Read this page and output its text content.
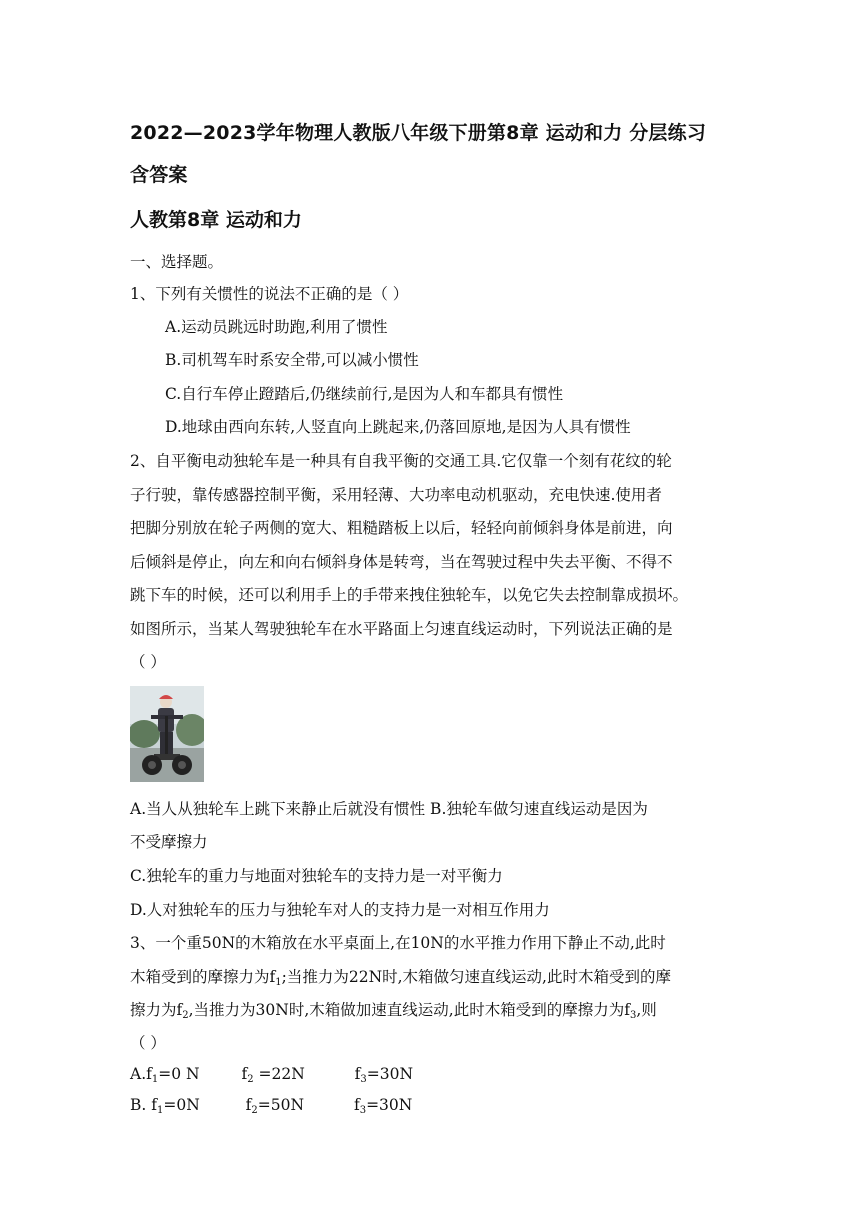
2022—2023学年物理人教版八年级下册第8章 运动和力 分层练习
含答案
人教第8章 运动和力
一、选择题。
1、下列有关惯性的说法不正确的是（ ）
A.运动员跳远时助跑,利用了惯性
B.司机驾车时系安全带,可以减小惯性
C.自行车停止蹬踏后,仍继续前行,是因为人和车都具有惯性
D.地球由西向东转,人竖直向上跳起来,仍落回原地,是因为人具有惯性
2、自平衡电动独轮车是一种具有自我平衡的交通工具.它仅靠一个刻有花纹的轮
子行驶，靠传感器控制平衡，采用轻薄、大功率电动机驱动，充电快速.使用者
把脚分别放在轮子两侧的宽大、粗糙踏板上以后，轻轻向前倾斜身体是前进，向
后倾斜是停止，向左和向右倾斜身体是转弯，当在驾驶过程中失去平衡、不得不
跳下车的时候，还可以利用手上的手带来拽住独轮车，以免它失去控制靠成损坏。
如图所示，当某人驾驶独轮车在水平路面上匀速直线运动时，下列说法正确的是
（ ）
A.当人从独轮车上跳下来静止后就没有惯性 B.独轮车做匀速直线运动是因为
不受摩擦力
C.独轮车的重力与地面对独轮车的支持力是一对平衡力
D.人对独轮车的压力与独轮车对人的支持力是一对相互作用力
3、一个重50N的木箱放在水平桌面上,在10N的水平推力作用下静止不动,此时
木箱受到的摩擦力为f1;当推力为22N时,木箱做匀速直线运动,此时木箱受到的摩
擦力为f2,当推力为30N时,木箱做加速直线运动,此时木箱受到的摩擦力为f3,则
（ ）
A.f1=0 N	f2 =22N	f3=30N
B. f1=0N	f2=50N	f3=30N
